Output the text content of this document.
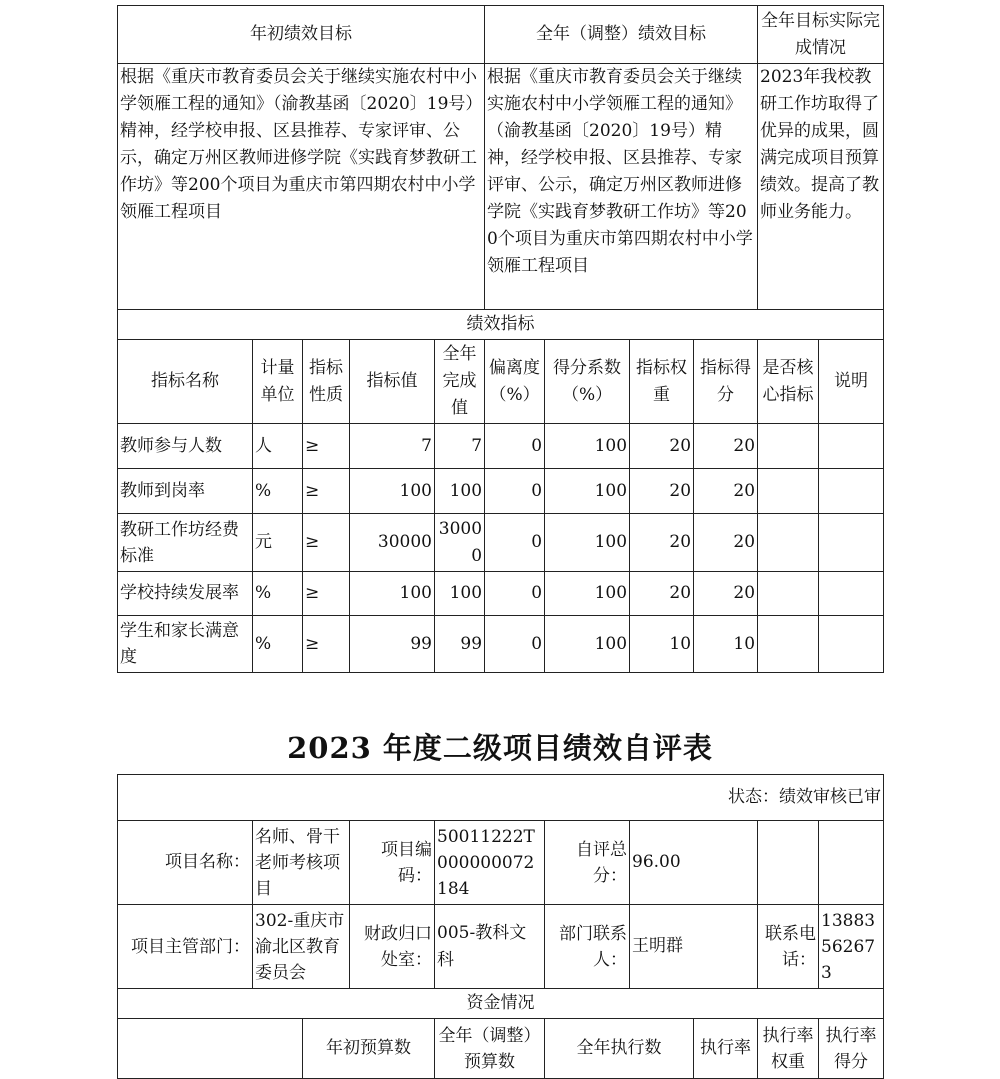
年初绩效目标					全年（调整）绩效目标				全年目标实际完成情况	
根据《重庆市教育委员会关于继续实施农村中小学领雁工程的通知》（渝教基函〔2020〕19号）精神，经学校申报、区县推荐、专家评审、公示，确定万州区教师进修学院《实践育梦教研工作坊》等200个项目为重庆市第四期农村中小学领雁工程项目					根据《重庆市教育委员会关于继续实施农村中小学领雁工程的通知》（渝教基函〔2020〕19号）精神，经学校申报、区县推荐、专家评审、公示，确定万州区教师进修学院《实践育梦教研工作坊》等200个项目为重庆市第四期农村中小学领雁工程项目				2023年我校教研工作坊取得了优异的成果，圆满完成项目预算绩效。提高了教师业务能力。	
绩效指标										
指标名称	计量单位	指标性质	指标值	全年完成值	偏离度（%）	得分系数（%）	指标权重	指标得分	是否核心指标	说明
教师参与人数	人	≥	7	7	0	100	20	20		
教师到岗率	%	≥	100	100	0	100	20	20		
教研工作坊经费标准	元	≥	30000	30000	0	100	20	20		
学校持续发展率	%	≥	100	100	0	100	20	20		
学生和家长满意度	%	≥	99	99	0	100	10	10		
2023 年度二级项目绩效自评表
状态：绩效审核已审									
项目名称：	名师、骨干老师考核项目		项目编码：	50011222T000000072184	自评总分：	96.00			
项目主管部门：	302-重庆市渝北区教育委员会		财政归口处室：	005-教科文科	部门联系人：	王明群		联系电话：	13883562673
资金情况									
		年初预算数		全年（调整）预算数	全年执行数		执行率	执行率权重	执行率得分
